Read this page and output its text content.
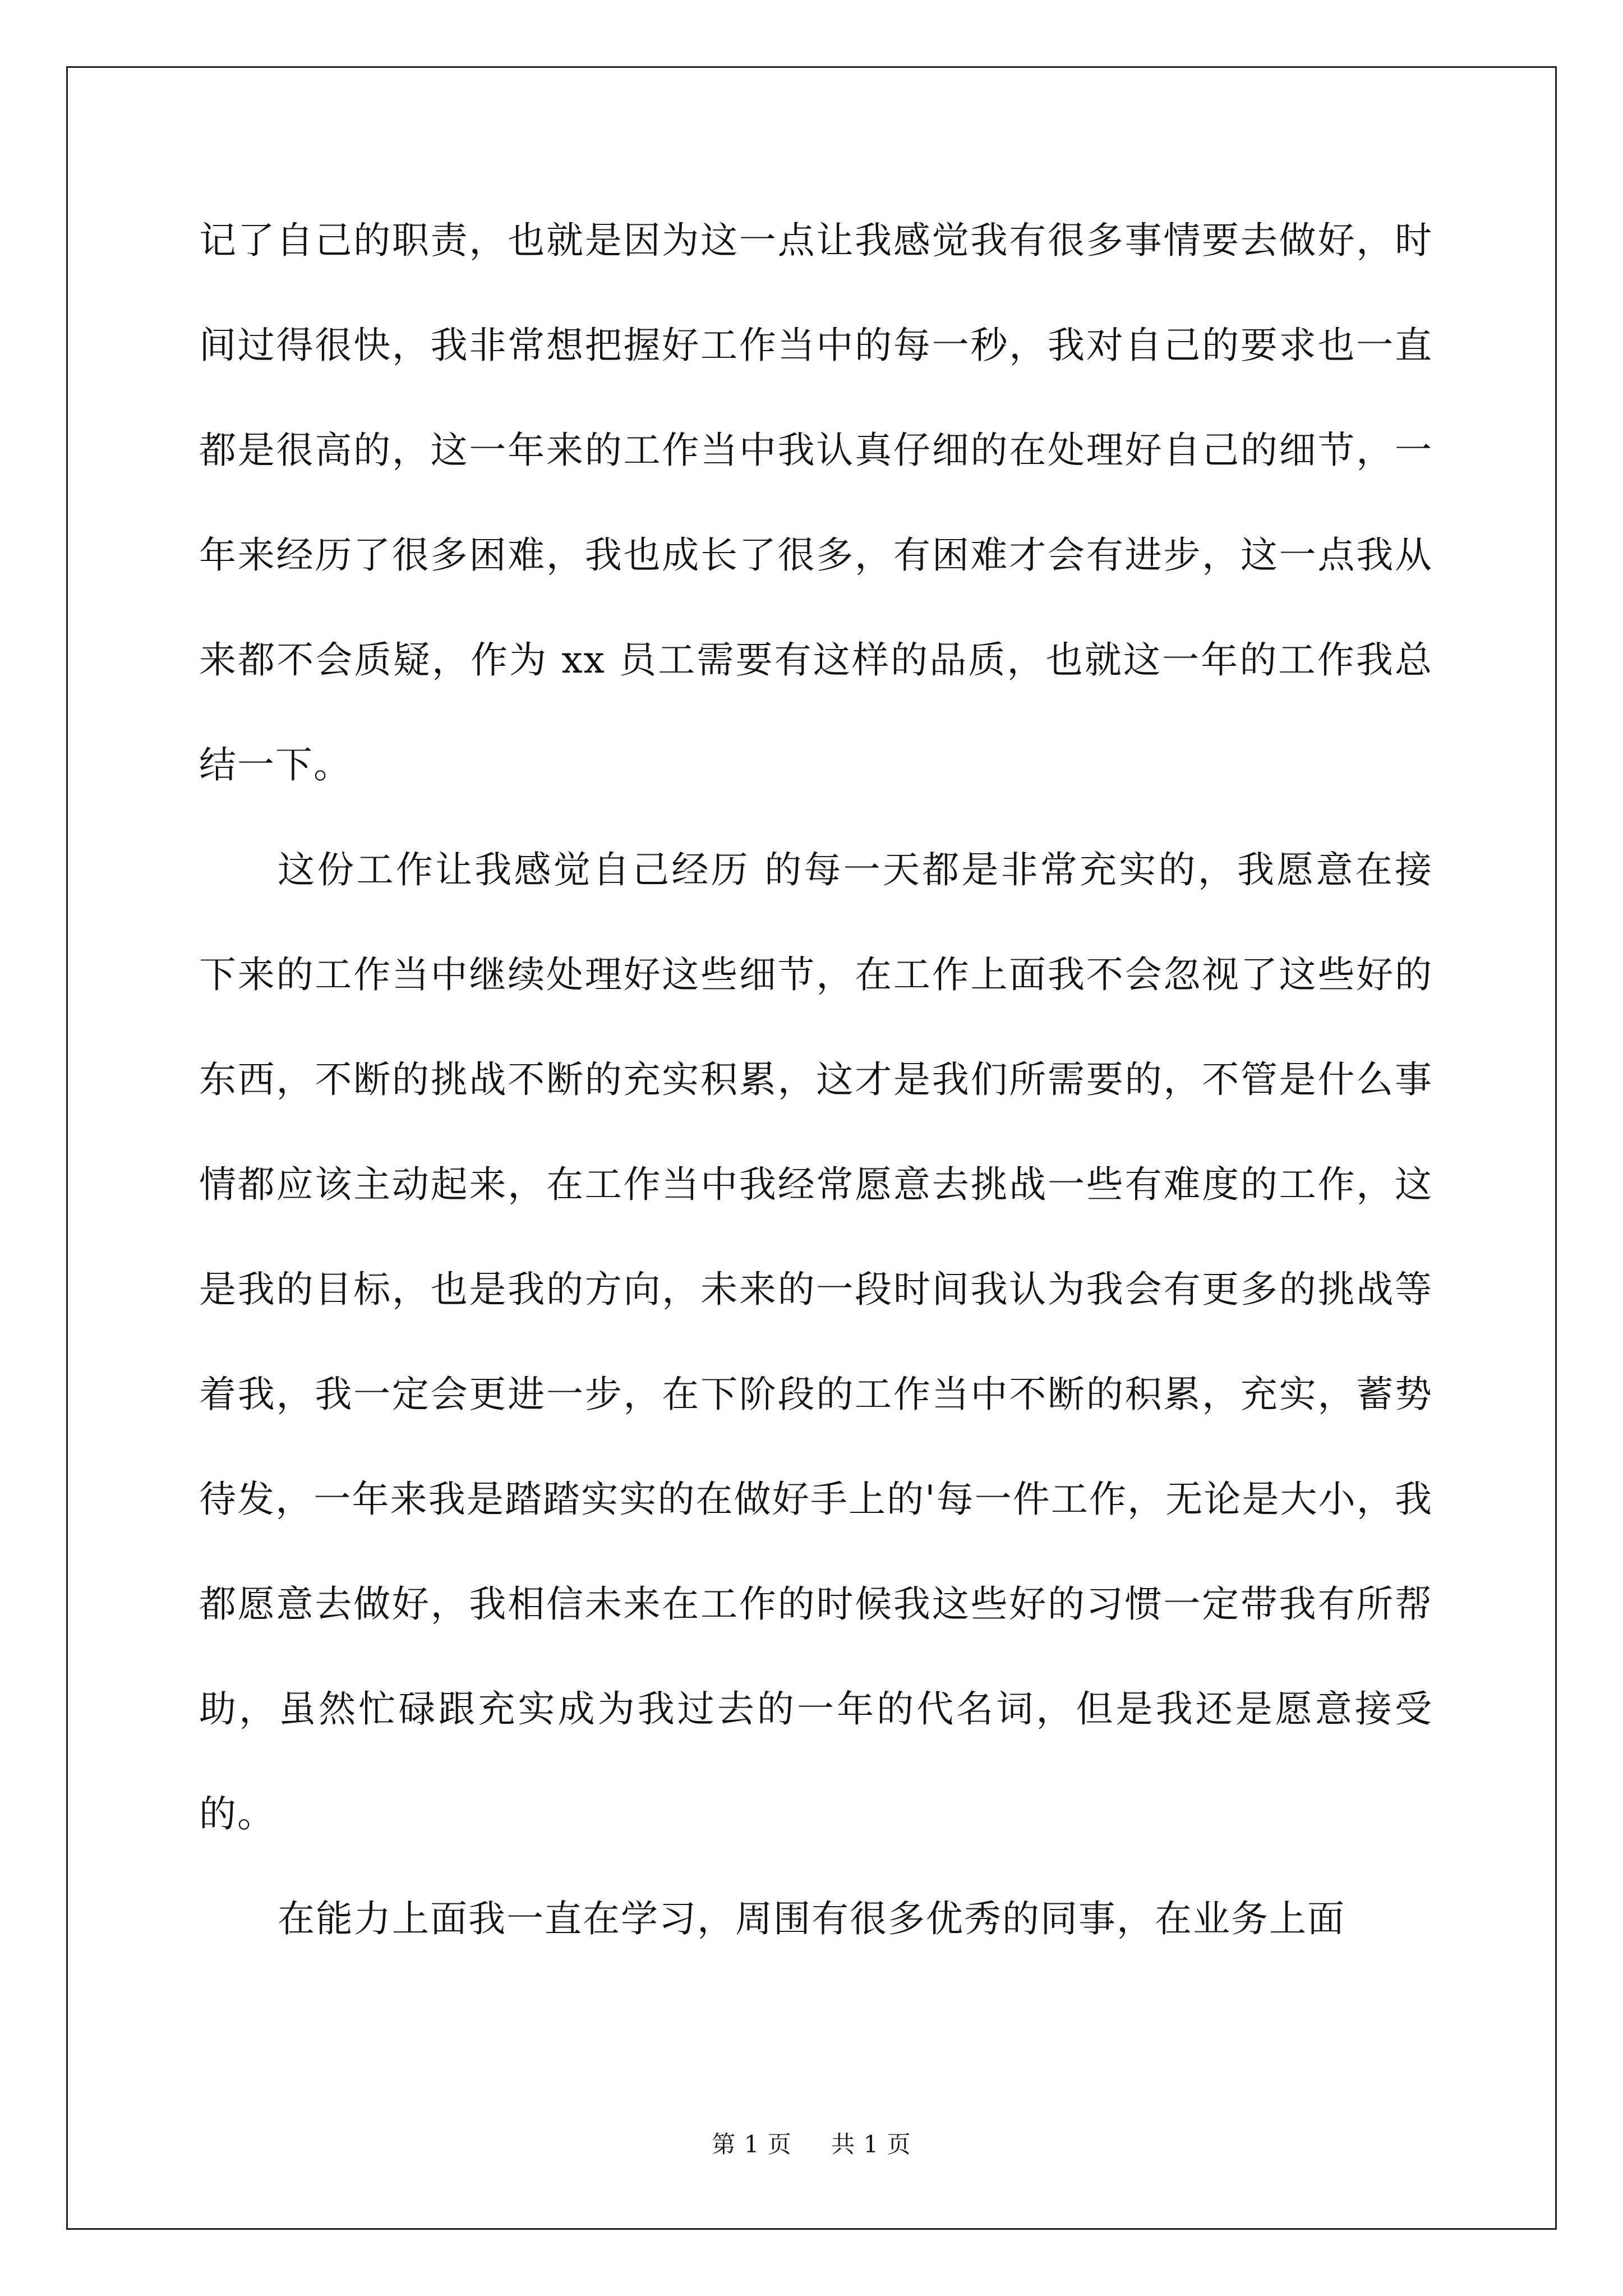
记了自己的职责，也就是因为这一点让我感觉我有很多事情要去做好，时间过得很快，我非常想把握好工作当中的每一秒，我对自己的要求也一直都是很高的，这一年来的工作当中我认真仔细的在处理好自己的细节，一年来经历了很多困难，我也成长了很多，有困难才会有进步，这一点我从来都不会质疑，作为 xx 员工需要有这样的品质，也就这一年的工作我总结一下。

这份工作让我感觉自己经历 的每一天都是非常充实的，我愿意在接下来的工作当中继续处理好这些细节，在工作上面我不会忽视了这些好的东西，不断的挑战不断的充实积累，这才是我们所需要的，不管是什么事情都应该主动起来，在工作当中我经常愿意去挑战一些有难度的工作，这是我的目标，也是我的方向，未来的一段时间我认为我会有更多的挑战等着我，我一定会更进一步，在下阶段的工作当中不断的积累，充实，蓄势待发，一年来我是踏踏实实的在做好手上的'每一件工作，无论是大小，我都愿意去做好，我相信未来在工作的时候我这些好的习惯一定带我有所帮助，虽然忙碌跟充实成为我过去的一年的代名词，但是我还是愿意接受的。

在能力上面我一直在学习，周围有很多优秀的同事，在业务上面

第 1 页 共 1 页
